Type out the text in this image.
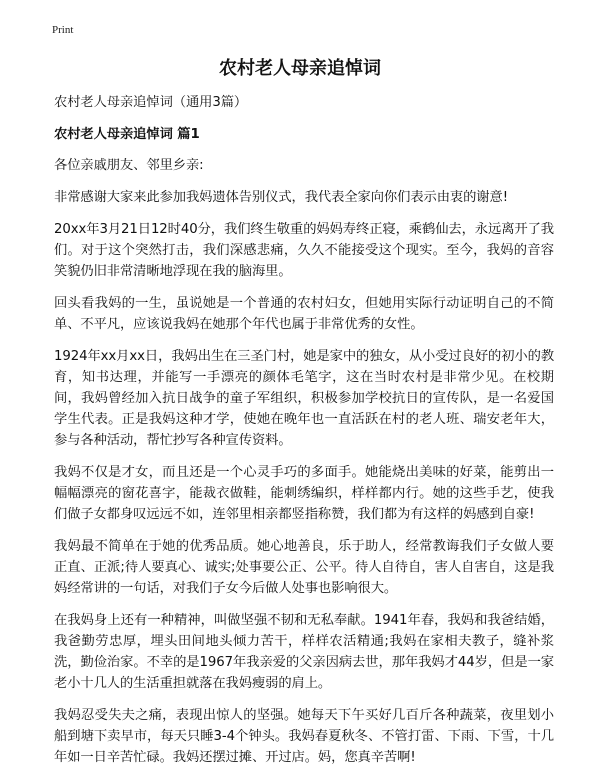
Print
农村老人母亲追悼词

农村老人母亲追悼词（通用3篇）

农村老人母亲追悼词 篇1

各位亲戚朋友、邻里乡亲:

非常感谢大家来此参加我妈遗体告别仪式，我代表全家向你们表示由衷的谢意!

20xx年3月21日12时40分，我们终生敬重的妈妈寿终正寝，乘鹤仙去，永远离开了我们。对于这个突然打击，我们深感悲痛，久久不能接受这个现实。至今，我妈的音容笑貌仍旧非常清晰地浮现在我的脑海里。

回头看我妈的一生，虽说她是一个普通的农村妇女，但她用实际行动证明自己的不简单、不平凡，应该说我妈在她那个年代也属于非常优秀的女性。

1924年xx月xx日，我妈出生在三圣门村，她是家中的独女，从小受过良好的初小的教育，知书达理，并能写一手漂亮的颜体毛笔字，这在当时农村是非常少见。在校期间，我妈曾经加入抗日战争的童子军组织，积极参加学校抗日的宣传队，是一名爱国学生代表。正是我妈这种才学，使她在晚年也一直活跃在村的老人班、瑞安老年大，参与各种活动，帮忙抄写各种宣传资料。

我妈不仅是才女，而且还是一个心灵手巧的多面手。她能烧出美味的好菜，能剪出一幅幅漂亮的窗花喜字，能裁衣做鞋，能刺绣编织，样样都内行。她的这些手艺，使我们做子女都身叹远远不如，连邻里相亲都竖指称赞，我们都为有这样的妈感到自豪!

我妈最不简单在于她的优秀品质。她心地善良，乐于助人，经常教诲我们子女做人要正直、正派;待人要真心、诚实;处事要公正、公平。待人自待自，害人自害自，这是我妈经常讲的一句话，对我们子女今后做人处事也影响很大。

在我妈身上还有一种精神，叫做坚强不韧和无私奉献。1941年春，我妈和我爸结婚，我爸勤劳忠厚，埋头田间地头倾力苦干，样样农活精通;我妈在家相夫教子，缝补浆洗，勤俭治家。不幸的是1967年我亲爱的父亲因病去世，那年我妈才44岁，但是一家老小十几人的生活重担就落在我妈瘦弱的肩上。

我妈忍受失夫之痛，表现出惊人的坚强。她每天下午买好几百斤各种蔬菜，夜里划小船到塘下卖早市，每天只睡3-4个钟头。我妈春夏秋冬、不管打雷、下雨、下雪，十几年如一日辛苦忙碌。我妈还摆过摊、开过店。妈，您真辛苦啊!
